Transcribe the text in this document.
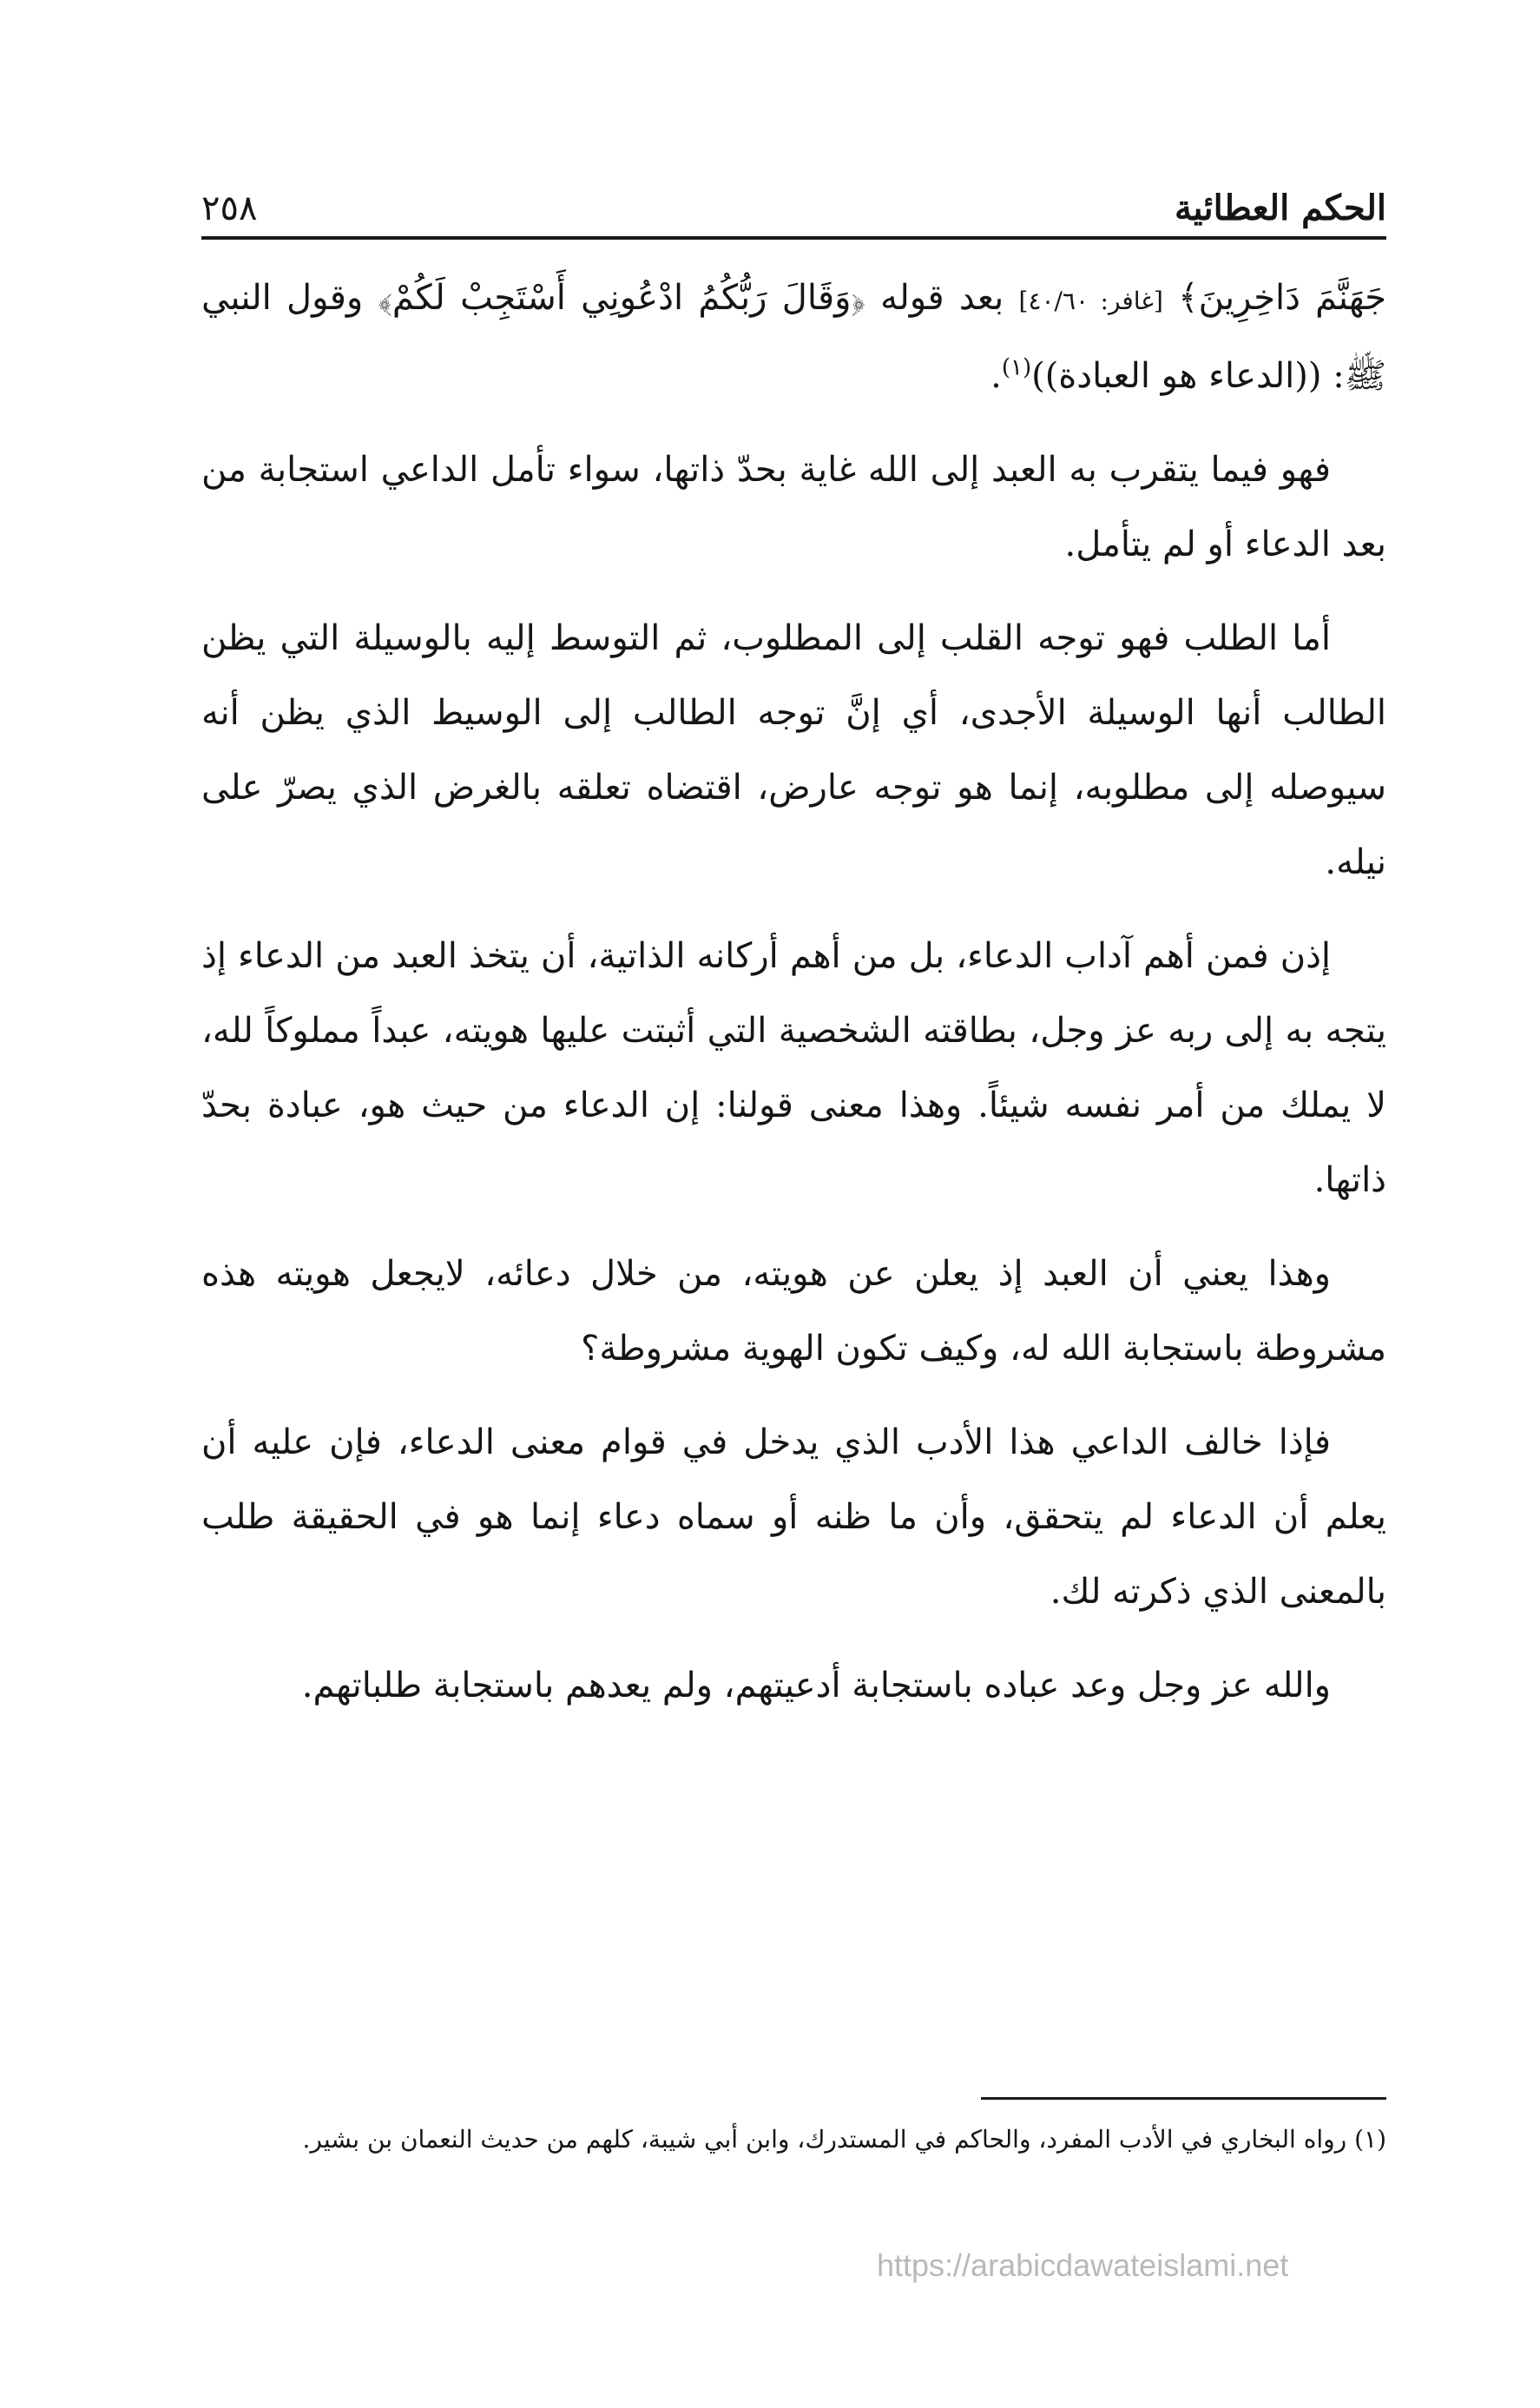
الحكم العطائية
٢٥٨

جَهَنَّمَ دَاخِرِينَ﴾ [غافر: ٤٠/٦٠] بعد قوله ﴿وَقَالَ رَبُّكُمُ ادْعُونِي أَسْتَجِبْ لَكُمْ﴾ وقول النبي ﷺ: ((الدعاء هو العبادة))$^{(١)}$.

فهو فيما يتقرب به العبد إلى الله غاية بحدّ ذاتها، سواء تأمل الداعي استجابة من بعد الدعاء أو لم يتأمل.

أما الطلب فهو توجه القلب إلى المطلوب، ثم التوسط إليه بالوسيلة التي يظن الطالب أنها الوسيلة الأجدى، أي إنَّ توجه الطالب إلى الوسيط الذي يظن أنه سيوصله إلى مطلوبه، إنما هو توجه عارض، اقتضاه تعلقه بالغرض الذي يصرّ على نيله.

إذن فمن أهم آداب الدعاء، بل من أهم أركانه الذاتية، أن يتخذ العبد من الدعاء إذ يتجه به إلى ربه عز وجل، بطاقته الشخصية التي أثبتت عليها هويته، عبداً مملوكاً لله، لا يملك من أمر نفسه شيئاً. وهذا معنى قولنا: إن الدعاء من حيث هو، عبادة بحدّ ذاتها.

وهذا يعني أن العبد إذ يعلن عن هويته، من خلال دعائه، لايجعل هويته هذه مشروطة باستجابة الله له، وكيف تكون الهوية مشروطة؟

فإذا خالف الداعي هذا الأدب الذي يدخل في قوام معنى الدعاء، فإن عليه أن يعلم أن الدعاء لم يتحقق، وأن ما ظنه أو سماه دعاء إنما هو في الحقيقة طلب بالمعنى الذي ذكرته لك.

والله عز وجل وعد عباده باستجابة أدعيتهم، ولم يعدهم باستجابة طلباتهم.

(١) رواه البخاري في الأدب المفرد، والحاكم في المستدرك، وابن أبي شيبة، كلهم من حديث النعمان بن بشير.
https://arabicdawateislami.net
